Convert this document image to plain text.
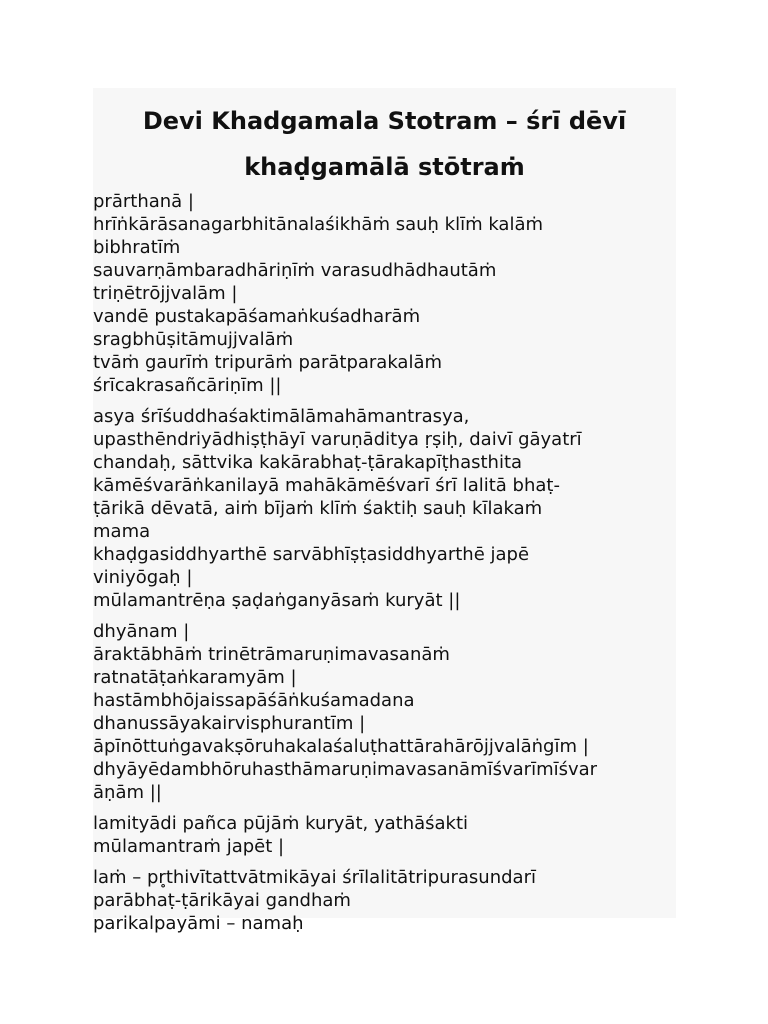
Devi Khadgamala Stotram – śrī dēvī
khaḍgamālā stōtraṁ
prārthanā |
hrīṅkārāsanagarbhitānalaśikhāṁ sauḥ klīṁ kalāṁ
bibhratīṁ
sauvarṇāmbaradhāriṇīṁ varasudhādhautāṁ
triṇētrōjjvalām |
vandē pustakapāśamaṅkuśadharāṁ
sragbhūṣitāmujjvalāṁ
tvāṁ gaurīṁ tripurāṁ parātparakalāṁ
śrīcakrasañcāriṇīm ||
asya śrīśuddhaśaktimālāmahāmantrasya,
upasthēndriyādhiṣṭhāyī varuṇāditya ṛṣiḥ, daivī gāyatrī
chandaḥ, sāttvika kakārabhaṭ-ṭārakapīṭhasthita
kāmēśvarāṅkanilayā mahākāmēśvarī śrī lalitā bhaṭ-
ṭārikā dēvatā, aiṁ bījaṁ klīṁ śaktiḥ sauḥ kīlakaṁ
mama
khaḍgasiddhyarthē sarvābhīṣṭasiddhyarthē japē
viniyōgaḥ |
mūlamantrēṇa ṣaḍaṅganyāsaṁ kuryāt ||
dhyānam |
āraktābhāṁ trinētrāmaruṇimavasanāṁ
ratnatāṭaṅkaramyām |
hastāmbhōjaissapāśāṅkuśamadana
dhanussāyakairvisphurantīm |
āpīnōttuṅgavakṣōruhakalaśaluṭhattārahārōjjvalāṅgīm |
dhyāyēdambhōruhasthāmaruṇimavasanāmīśvarīmīśvar
āṇām ||
lamityādi pañca pūjāṁ kuryāt, yathāśakti
mūlamantraṁ japēt |
laṁ – pr̥thivītattvātmikāyai śrīlalitātripurasundarī
parābhaṭ-ṭārikāyai gandhaṁ
parikalpayāmi – namaḥ
